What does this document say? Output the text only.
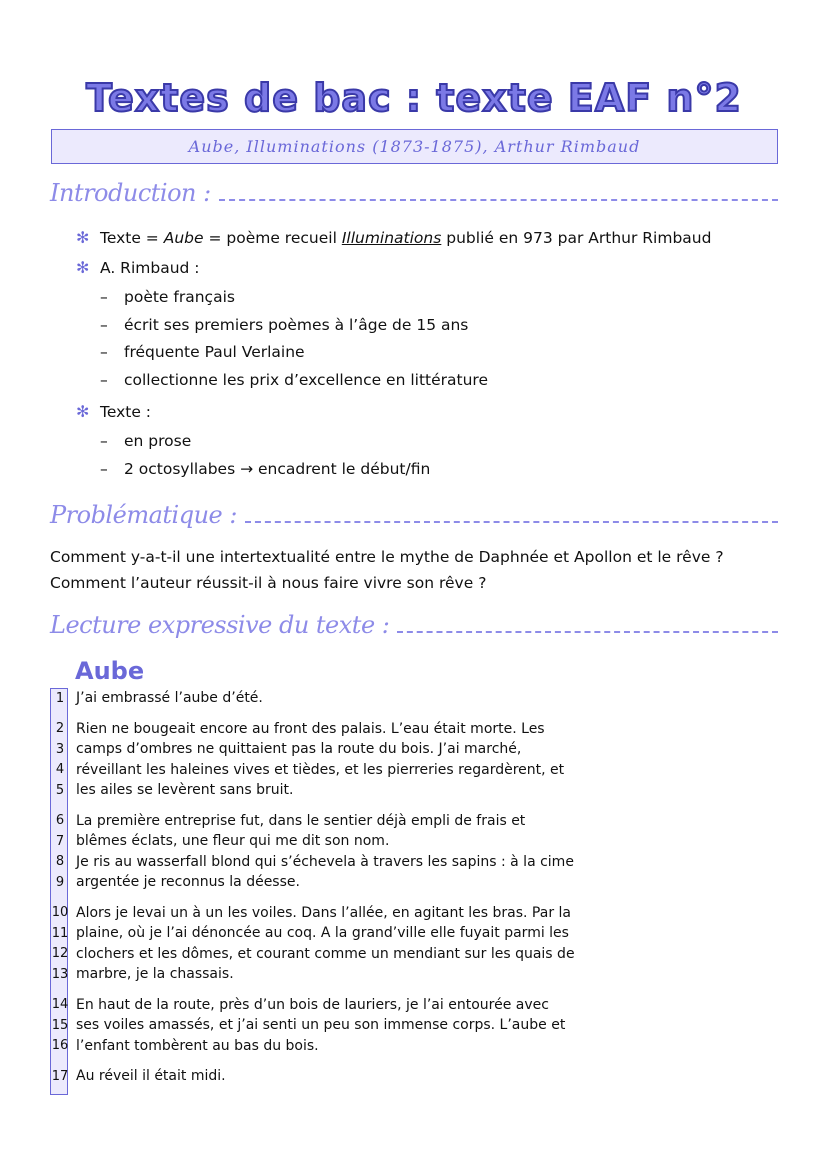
Textes de bac : texte EAF n°2
Aube, Illuminations (1873-1875), Arthur Rimbaud
Introduction :
✻ Texte = Aube = poème recueil Illuminations publié en 973 par Arthur Rimbaud
✻ A. Rimbaud :
–	poète français
–	écrit ses premiers poèmes à l’âge de 15 ans
–	fréquente Paul Verlaine
–	collectionne les prix d’excellence en littérature
✻ Texte :
–	en prose
–	2 octosyllabes → encadrent le début/fin
Problématique :
Comment y-a-t-il une intertextualité entre le mythe de Daphnée et Apollon et le rêve ?
Comment l’auteur réussit-il à nous faire vivre son rêve ?
Lecture expressive du texte :
Aube
1 J’ai embrassé l’aube d’été.
2 Rien ne bougeait encore au front des palais. L’eau était morte. Les
3 camps d’ombres ne quittaient pas la route du bois. J’ai marché,
4 réveillant les haleines vives et tièdes, et les pierreries regardèrent, et
5 les ailes se levèrent sans bruit.
6 La première entreprise fut, dans le sentier déjà empli de frais et
7 blêmes éclats, une fleur qui me dit son nom.
8 Je ris au wasserfall blond qui s’échevela à travers les sapins : à la cime
9 argentée je reconnus la déesse.
10 Alors je levai un à un les voiles. Dans l’allée, en agitant les bras. Par la
11 plaine, où je l’ai dénoncée au coq. A la grand’ville elle fuyait parmi les
12 clochers et les dômes, et courant comme un mendiant sur les quais de
13 marbre, je la chassais.
14 En haut de la route, près d’un bois de lauriers, je l’ai entourée avec
15 ses voiles amassés, et j’ai senti un peu son immense corps. L’aube et
16 l’enfant tombèrent au bas du bois.
17 Au réveil il était midi.
